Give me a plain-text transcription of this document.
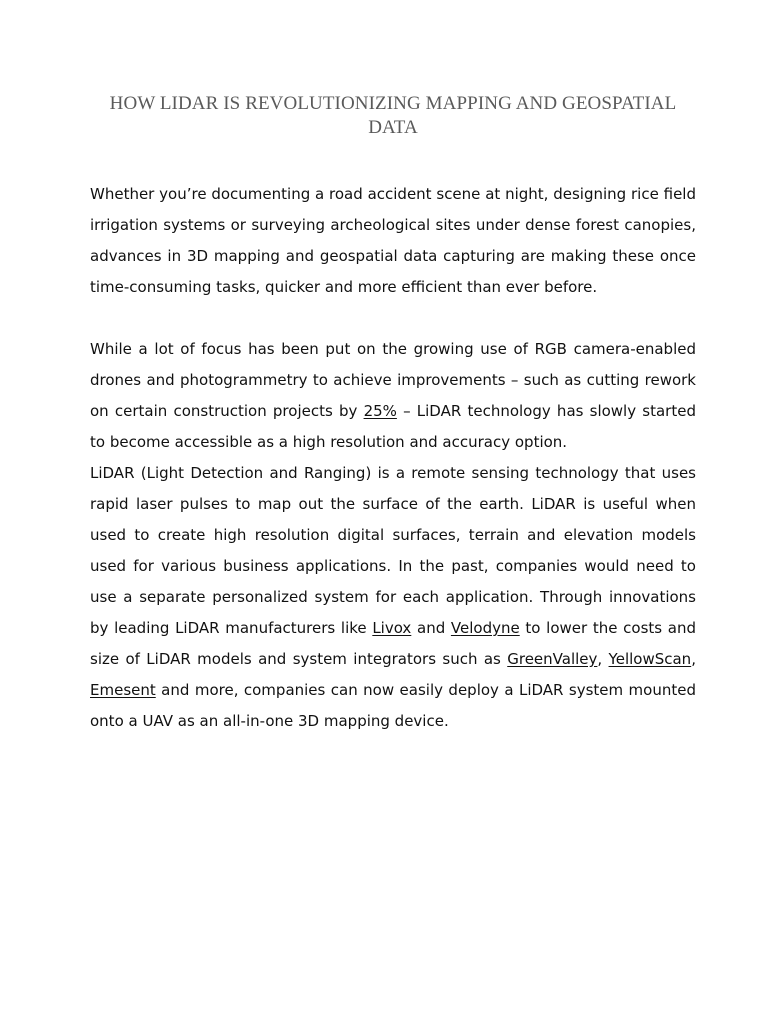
HOW LIDAR IS REVOLUTIONIZING MAPPING AND GEOSPATIAL DATA

Whether you’re documenting a road accident scene at night, designing rice field irrigation systems or surveying archeological sites under dense forest canopies, advances in 3D mapping and geospatial data capturing are making these once time-consuming tasks, quicker and more efficient than ever before.

While a lot of focus has been put on the growing use of RGB camera-enabled drones and photogrammetry to achieve improvements – such as cutting rework on certain construction projects by 25% – LiDAR technology has slowly started to become accessible as a high resolution and accuracy option.

LiDAR (Light Detection and Ranging) is a remote sensing technology that uses rapid laser pulses to map out the surface of the earth. LiDAR is useful when used to create high resolution digital surfaces, terrain and elevation models used for various business applications. In the past, companies would need to use a separate personalized system for each application. Through innovations by leading LiDAR manufacturers like Livox and Velodyne to lower the costs and size of LiDAR models and system integrators such as GreenValley, YellowScan, Emesent and more, companies can now easily deploy a LiDAR system mounted onto a UAV as an all-in-one 3D mapping device.
